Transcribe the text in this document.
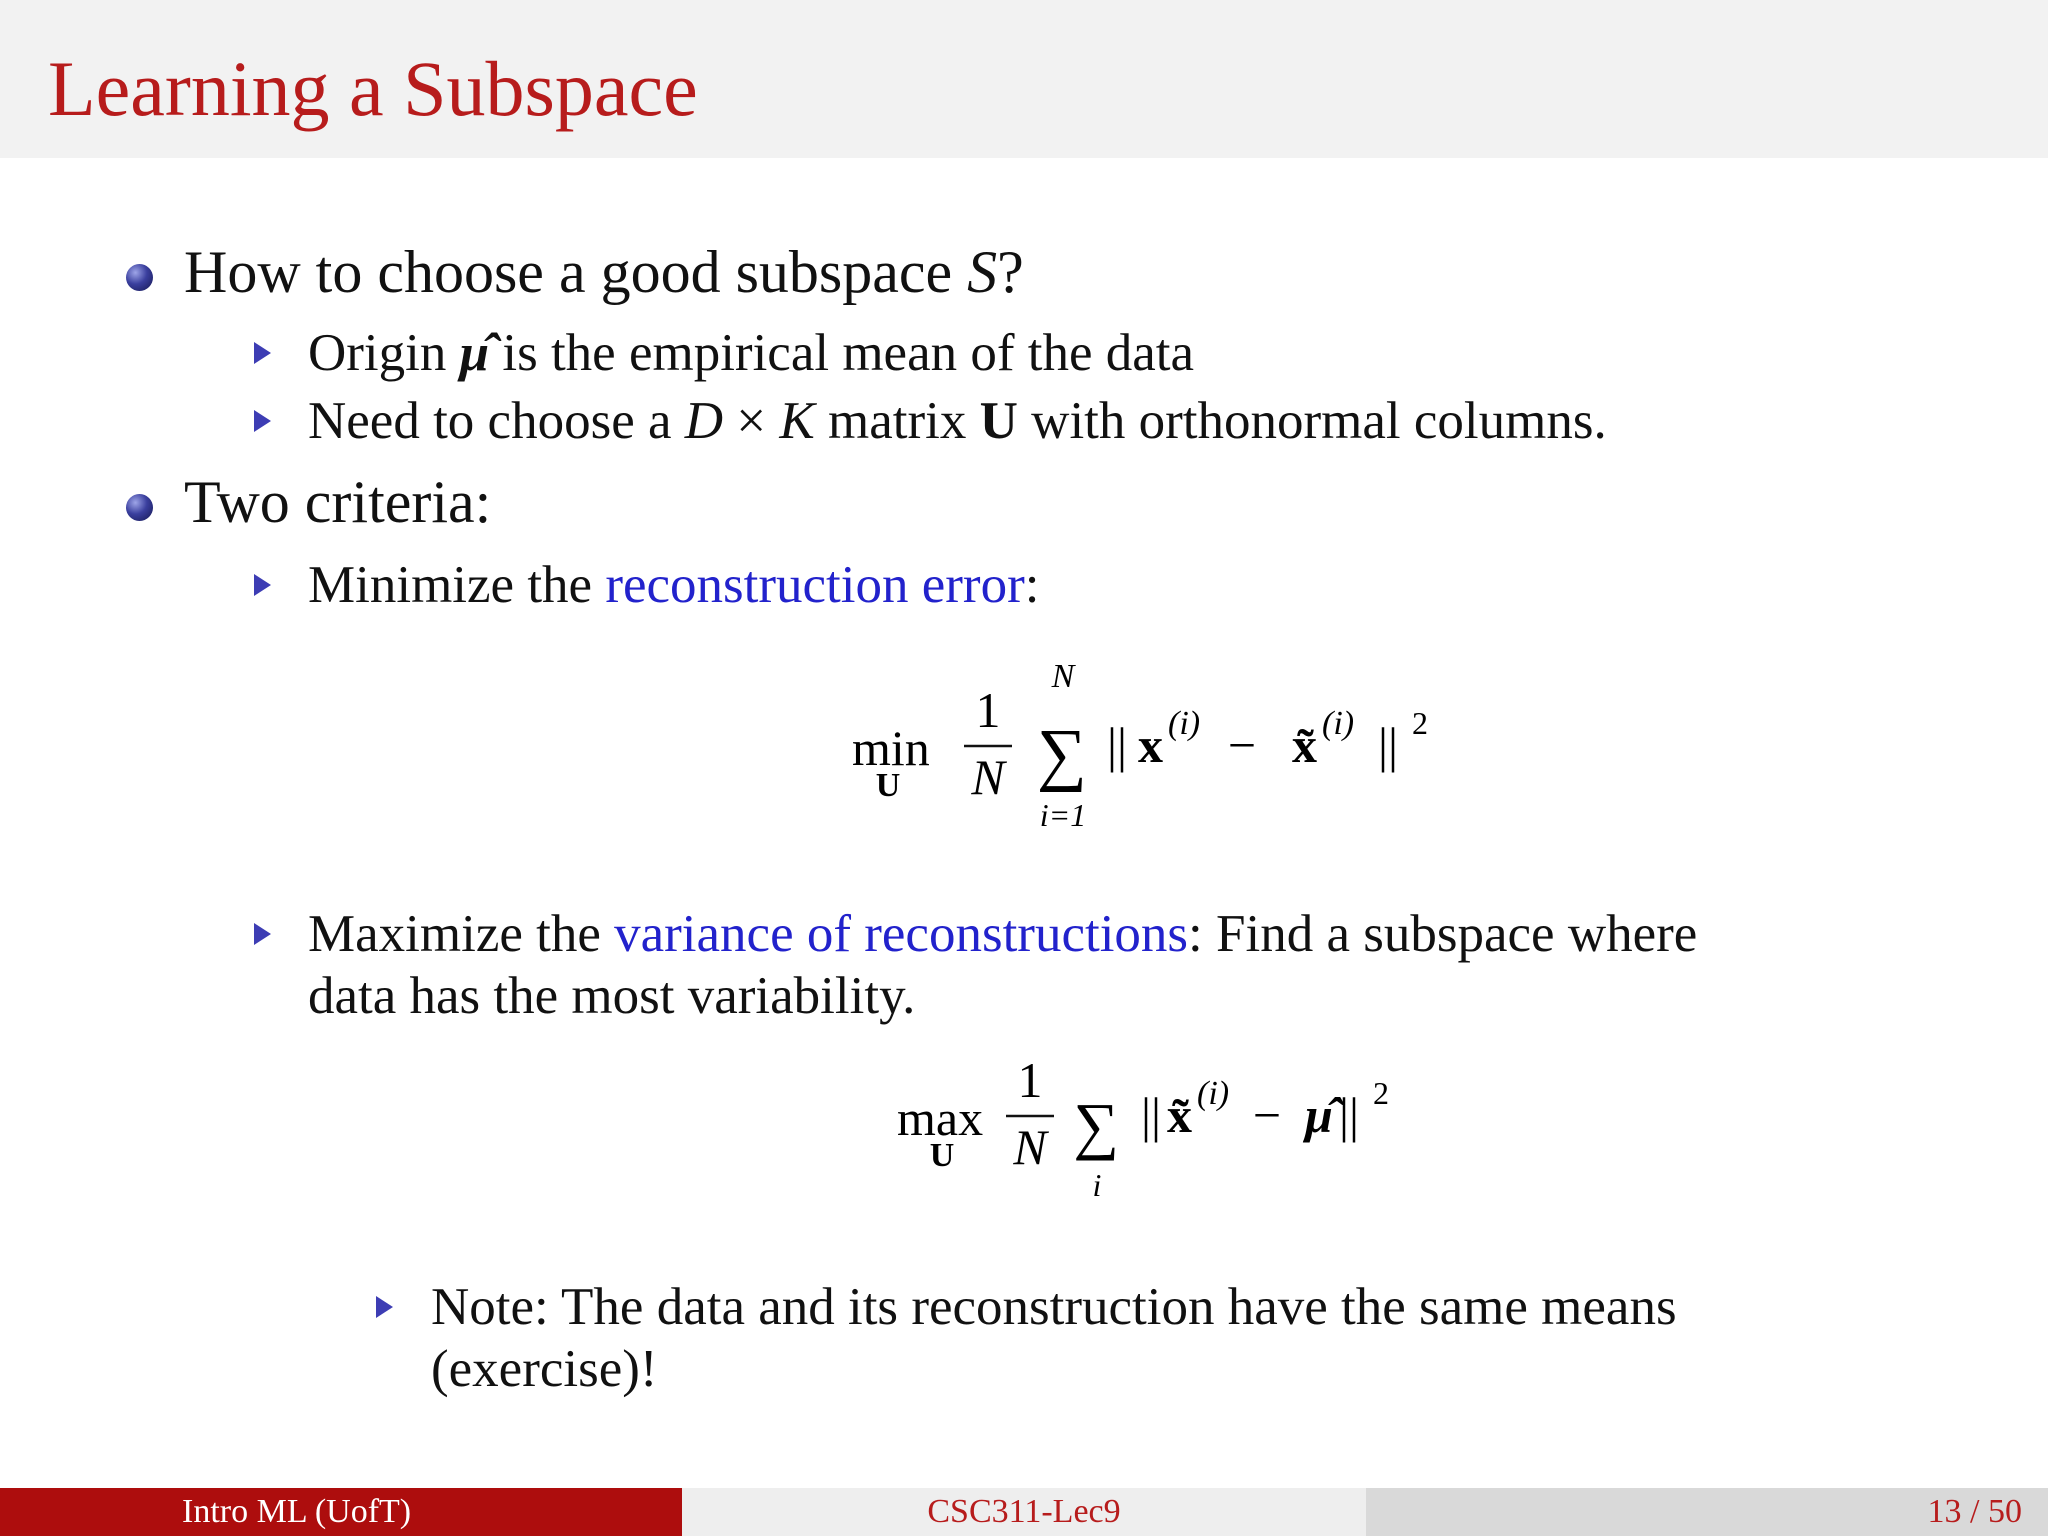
Learning a Subspace
How to choose a good subspace S?
Origin μ̂ is the empirical mean of the data
Need to choose a D × K matrix U with orthonormal columns.
Two criteria:
Minimize the reconstruction error:
min
U
1
N ∑
N
i=1
|| x (i) − x̃ (i) || 2
Maximize the variance of reconstructions: Find a subspace where
data has the most variability.
max
U
1
N ∑
i
|| x̃ (i) − μ̂ || 2
Note: The data and its reconstruction have the same means
(exercise)!
Intro ML (UofT)	CSC311-Lec9	13 / 50
